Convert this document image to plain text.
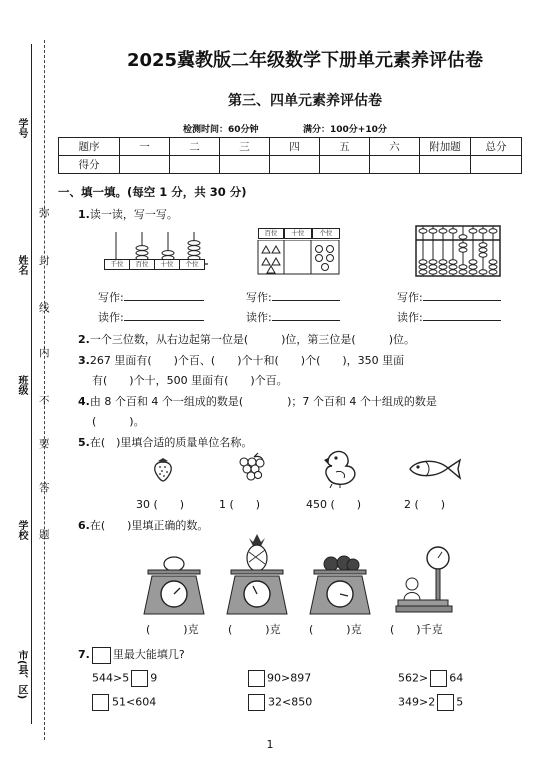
学号
姓名
班级
学校
市(县、区)
弥
封
线
内
不
要
答
题
2025冀教版二年级数学下册单元素养评估卷
第三、四单元素养评估卷
检测时间：60分钟	满分：100分+10分
题序	一	二	三	四	五	六	附加题	总分
得分								
一、填一填。(每空 1 分，共 30 分)
1.读一读，写一写。
千位	百位	十位	个位
百位	十位	个位
写作:
读作:
写作:
读作:
写作:
读作:
2.一个三位数，从右边起第一位是(　　　)位，第三位是(　　　)位。
3.267 里面有(　　)个百、(　　)个十和(　　)个(　　)，350 里面
有(　　)个十，500 里面有(　　)个百。
4.由 8 个百和 4 个一组成的数是(　　　　)；7 个百和 4 个十组成的数是
(　　　)。
5.在(　)里填合适的质量单位名称。
30 (　　)	1 (　　)	450 (　　)	2 (　　)
6.在(　　)里填正确的数。
(　　　)克	(　　　)克	(　　　)克	(　　)千克
7. 里最大能填几?
544>5 9	90>897	562> 64
51<604	32<850	349>2 5
1
